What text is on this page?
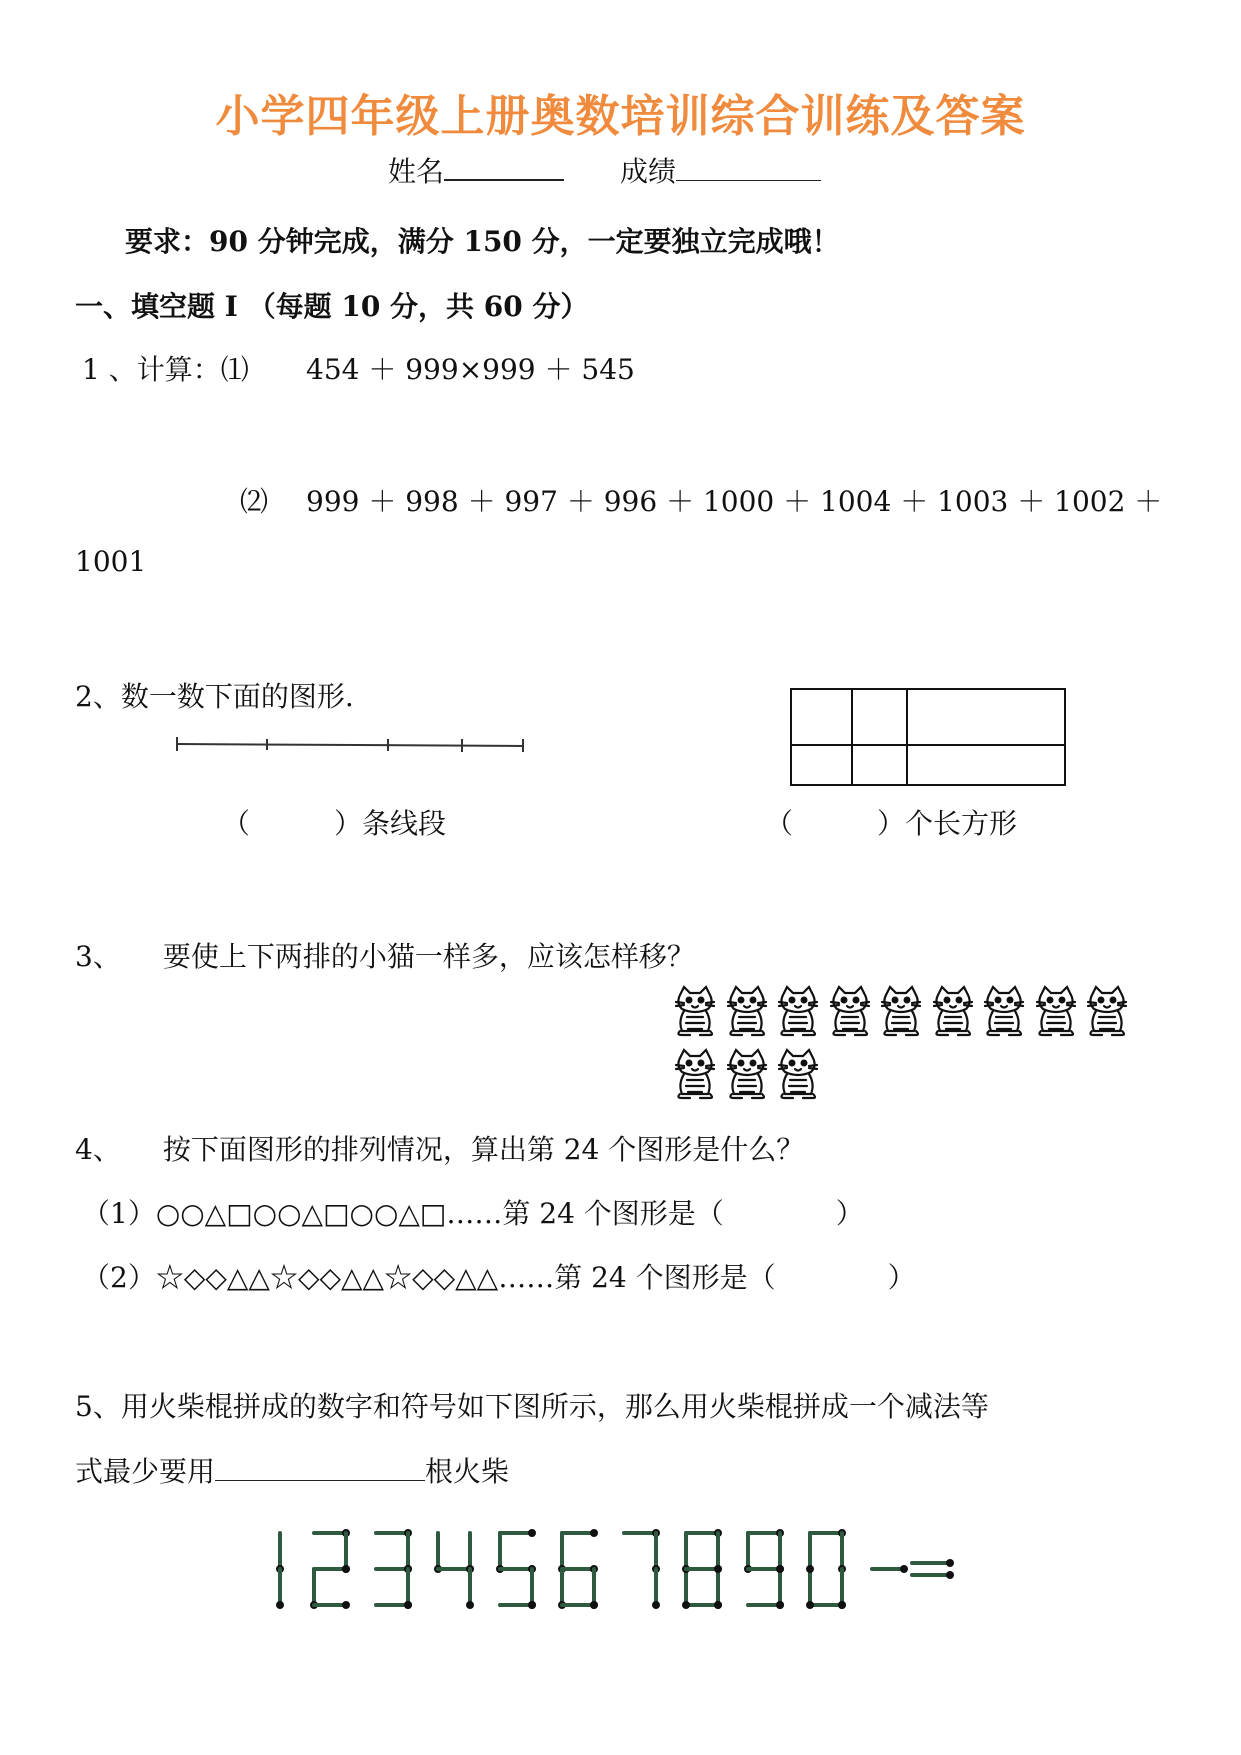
小学四年级上册奥数培训综合训练及答案
姓名	成绩
要求：90 分钟完成，满分 150 分，一定要独立完成哦！
一、填空题 I （每题 10 分，共 60 分）
1 、计算：⑴ 454 ＋ 999×999 ＋ 545
⑵ 999 ＋ 998 ＋ 997 ＋ 996 ＋ 1000 ＋ 1004 ＋ 1003 ＋ 1002 ＋
1001
2、数一数下面的图形.
（　　　）条线段	（　　　）个长方形
3、　　要使上下两排的小猫一样多，应该怎样移？
4、　　按下面图形的排列情况，算出第 24 个图形是什么？
（1）○○△□○○△□○○△□……第 24 个图形是（　　　　）
（2）☆◇◇△△☆◇◇△△☆◇◇△△……第 24 个图形是（　　　　）
5、用火柴棍拼成的数字和符号如下图所示，那么用火柴棍拼成一个减法等
式最少要用	根火柴
